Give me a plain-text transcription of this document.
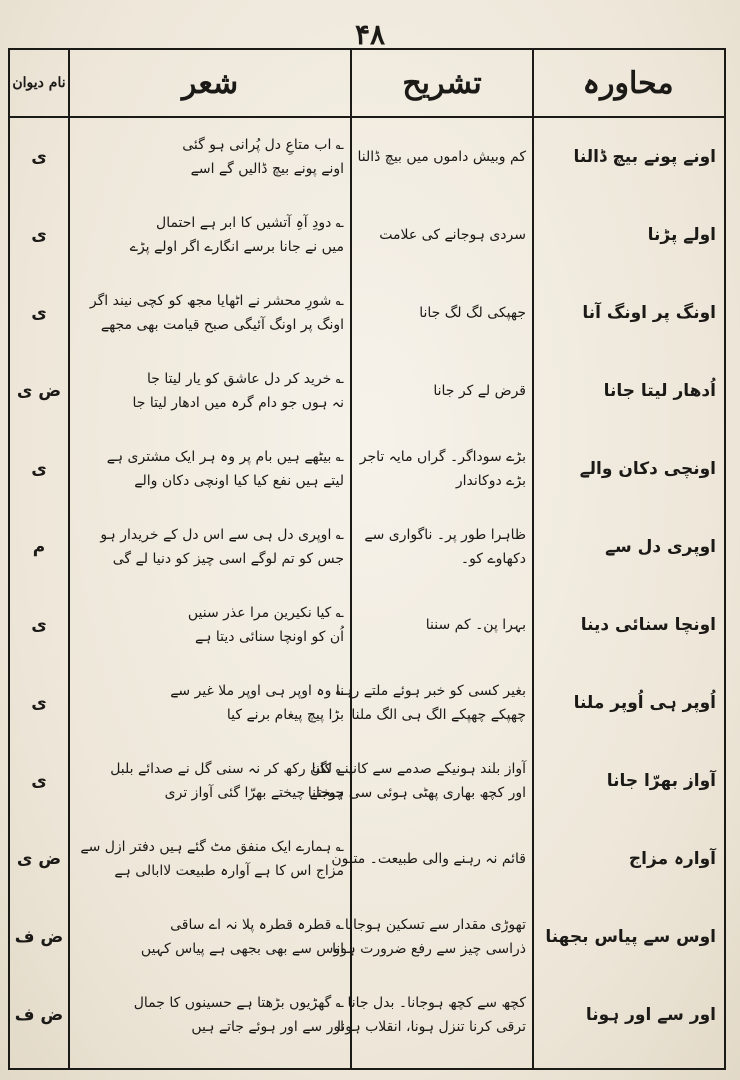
۴۸
محاورہ
تشریح
شعر
نام دیوان
اونے پونے بیچ ڈالنا
کم وبیش داموں میں بیچ ڈالنا
؎ اب متاعِ دل پُرانی ہو گئی
اونے پونے بیچ ڈالیں گے اسے
ی
اولے پڑنا
سردی ہوجانے کی علامت
؎ دودِ آہِ آتشیں کا ابر ہے احتمال
میں نے جانا برسے انگارے اگر اولے پڑے
ی
اونگ پر اونگ آنا
جھپکی لگ لگ جانا
؎ شورِ محشر نے اٹھایا مجھ کو کچی نیند اگر
اونگ پر اونگ آئیگی صبح قیامت بھی مجھے
ی
اُدھار لیتا جانا
قرض لے کر جانا
؎ خرید کر دل عاشق کو یار لیتا جا
نہ ہوں جو دام گرہ میں ادھار لیتا جا
ض ی
اونچی دکان والے
بڑے سوداگر۔ گراں مایہ تاجر
بڑے دوکاندار
؎ بیٹھے ہیں بام پر وہ ہر ایک مشتری ہے
لیتے ہیں نفع کیا کیا اونچی دکان والے
ی
اوپری دل سے
ظاہرا طور پر۔ ناگواری سے
دکھاوے کو۔
؎ اوپری دل ہی سے اس دل کے خریدار ہو
جس کو تم لوگے اسی چیز کو دنیا لے گی
م
اونچا سنائی دینا
بہرا پن۔ کم سننا
؎ کیا نکیرین مرا عذر سنیں
اُن کو اونچا سنائی دیتا ہے
ی
اُوپر ہی اُوپر ملنا
بغیر کسی کو خبر ہوئے ملتے رہنا
چھپکے چھپکے الگ ہی الگ ملنا
؎ وہ اوپر ہی اوپر ملا غیر سے
بڑا پیچ پیغام برنے کیا
ی
آواز بھرّا جانا
آواز بلند ہونیکے صدمے سے کانپنے لگنا
اور کچھ بھاری پھٹی ہوئی سی ہوجانا
؎ کان رکھ کر نہ سنی گل نے صدائے بلبل
چیختے چیختے بھرّا گئی آواز تری
ی
آوارہ مزاج
قائم نہ رہنے والی طبیعت۔ متلون
؎ ہمارے ایک منفق مٹ گئے ہیں دفتر ازل سے
مزاج اس کا ہے آوارہ طبیعت لاابالی ہے
ض ی
اوس سے پیاس بجھنا
تھوڑی مقدار سے تسکین ہوجانا
ذراسی چیز سے رفع ضرورت ہونا
؎ قطرہ قطرہ پلا نہ اے ساقی
اوس سے بھی بجھی ہے پیاس کہیں
ض ف
اور سے اور ہونا
کچھ سے کچھ ہوجانا۔ بدل جانا
ترقی کرنا تنزل ہونا، انقلاب ہونا
؎ گھڑیوں بڑھتا ہے حسینوں کا جمال
اور سے اور ہوئے جاتے ہیں
ض ف
